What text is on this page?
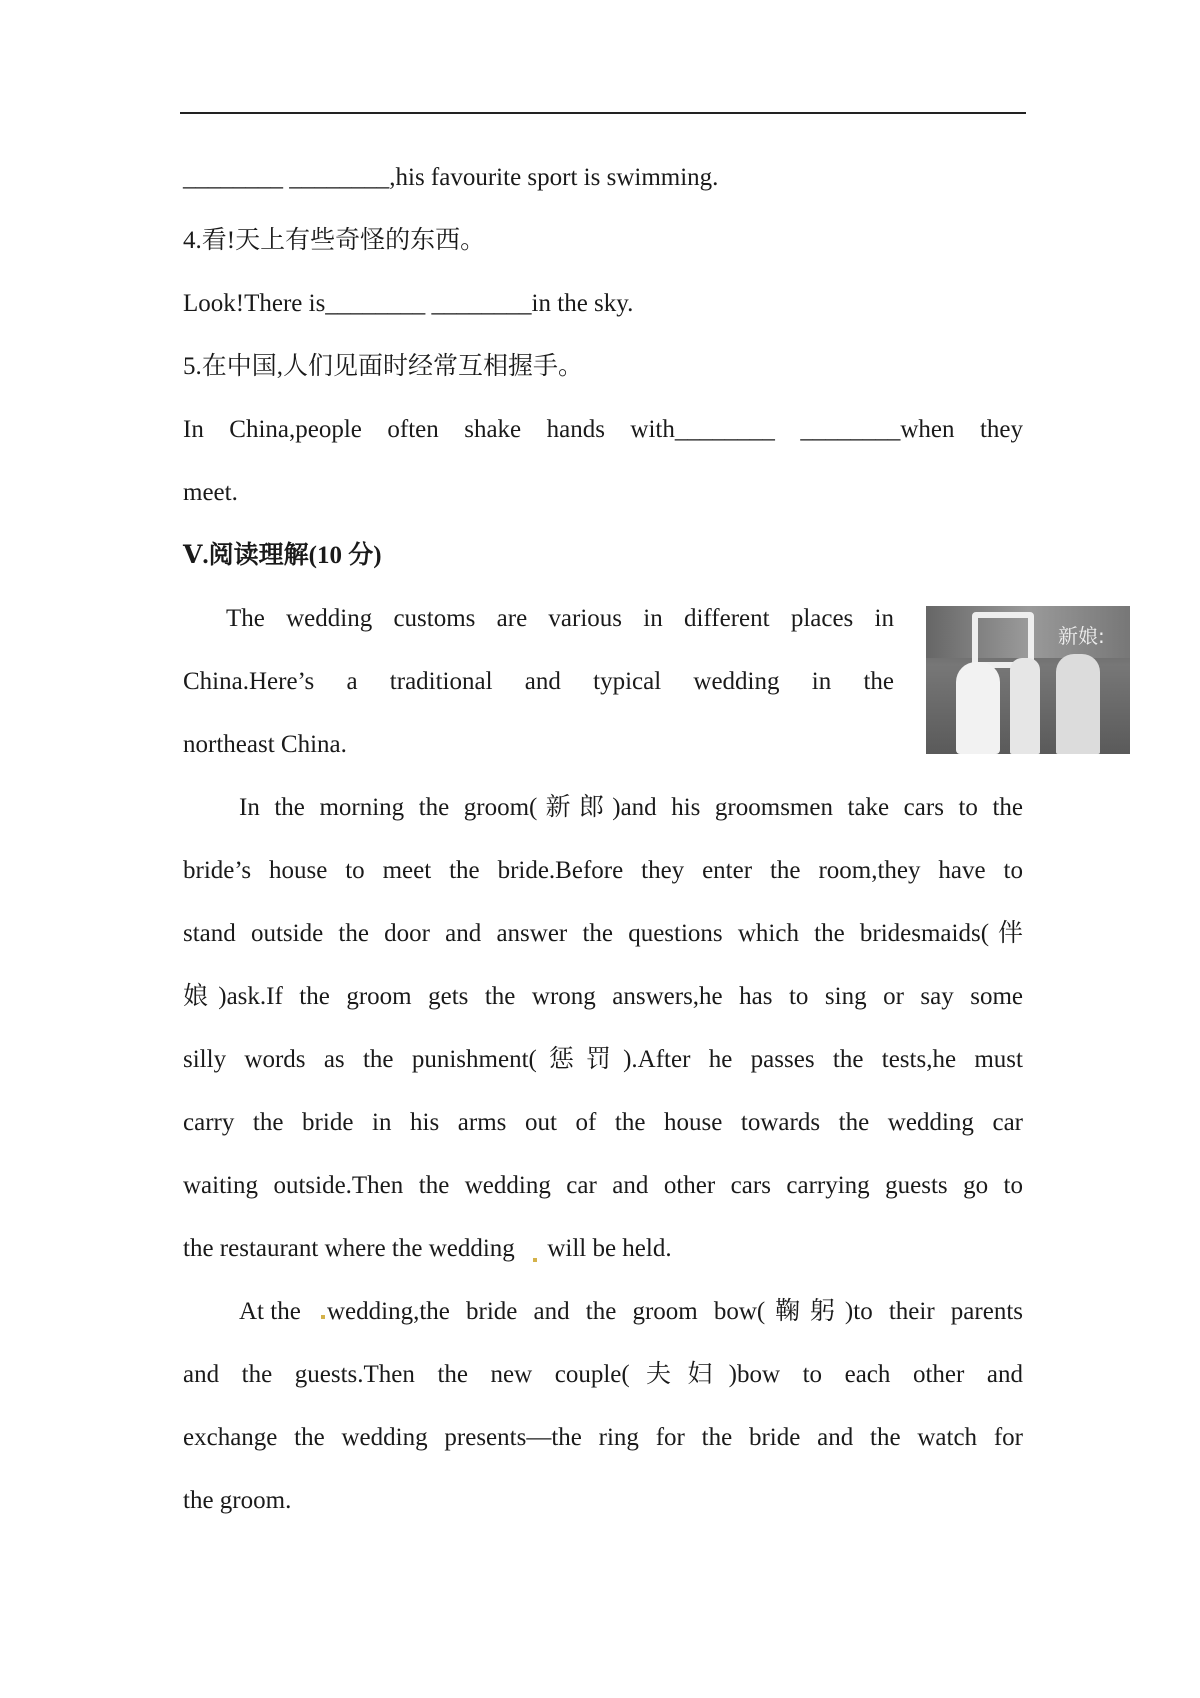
________ ________,his favourite sport is swimming.
4.看!天上有些奇怪的东西。
Look!There is________ ________in the sky.
5.在中国,人们见面时经常互相握手。
In China,people often shake hands with________ ________when they
meet.
Ⅴ.阅读理解(10 分)
The wedding customs are various in different places in
China.Here’s a traditional and typical wedding in the
northeast China.
新娘:
In the morning the groom(新郎)and his groomsmen take cars to the
bride’s house to meet the bride.Before they enter the room,they have to
stand outside the door and answer the questions which the bridesmaids(伴
娘)ask.If the groom gets the wrong answers,he has to sing or say some
silly words as the punishment(惩罚).After he passes the tests,he must
carry the bride in his arms out of the house towards the wedding car
waiting outside.Then the wedding car and other cars carrying guests go to
the restaurant where the wedding will be held.
At the wedding,the bride and the groom bow(鞠躬)to their parents
and the guests.Then the new couple(夫妇)bow to each other and
exchange the wedding presents—the ring for the bride and the watch for
the groom.
